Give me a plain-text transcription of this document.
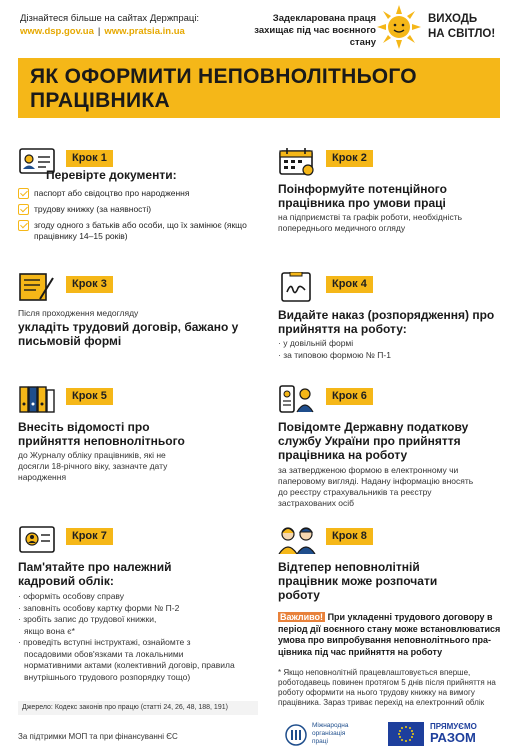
Дізнайтеся більше на сайтах Держпраці:
www.dsp.gov.ua | www.pratsia.in.ua
Задекларована праця захищає під час воєнного стану
ВИХОДЬ
НА СВІТЛО!
ЯК ОФОРМИТИ НЕПОВНОЛІТНЬОГО ПРАЦІВНИКА
Крок 1
Перевірте документи:
паспорт або свідоцтво про народження
трудову книжку (за наявності)
згоду одного з батьків або особи, що їх замінює (якщо працівнику 14–15 років)
Крок 2
Поінформуйте потенційного працівника про умови праці
на підприємстві та графік роботи, необхідність попереднього медичного огляду
Крок 3
Після проходження медогляду
укладіть трудовий договір, бажано у письмовій формі
Крок 4
Видайте наказ (розпорядження) про прийняття на роботу:
· у довільній формі
· за типовою формою № П-1
Крок 5
Внесіть відомості про прийняття неповнолітнього
до Журналу обліку працівників, які не досягли 18-річного віку, зазначте дату народження
Крок 6
Повідомте Державну податкову службу України про прийняття працівника на роботу
за затвердженою формою в електронному чи паперовому вигляді. Надану інформацію вносять до реєстру страхувальників та реєстру застрахованих осіб
Крок 7
Пам'ятайте про належний кадровий облік:
· оформіть особову справу
· заповніть особову картку форми № П-2
· зробіть запис до трудової книжки, якщо вона є*
· проведіть вступні інструктажі, ознайомте з посадовими обов'язками та локальними нормативними актами (колективний договір, правила внутрішнього трудового розпорядку тощо)
Крок 8
Відтепер неповнолітній працівник може розпочати роботу
Важливо! При укладенні трудового договору в період дії воєнного стану може встановлюватися умова про випробування неповнолітнього пра-цівника під час прийняття на роботу
* Якщо неповнолітній працевлаштовується вперше, роботодавець повинен протягом 5 днів після прийняття на роботу оформити на нього трудову книжку на вимогу працівника. Зараз триває перехід на електронний облік
Джерело: Кодекс законів про працю (статті 24, 26, 48, 188, 191)
За підтримки МОП та при фінансуванні ЄС
Міжнародна
організація
праці
ПРЯМУЄМО
РАЗОМ
